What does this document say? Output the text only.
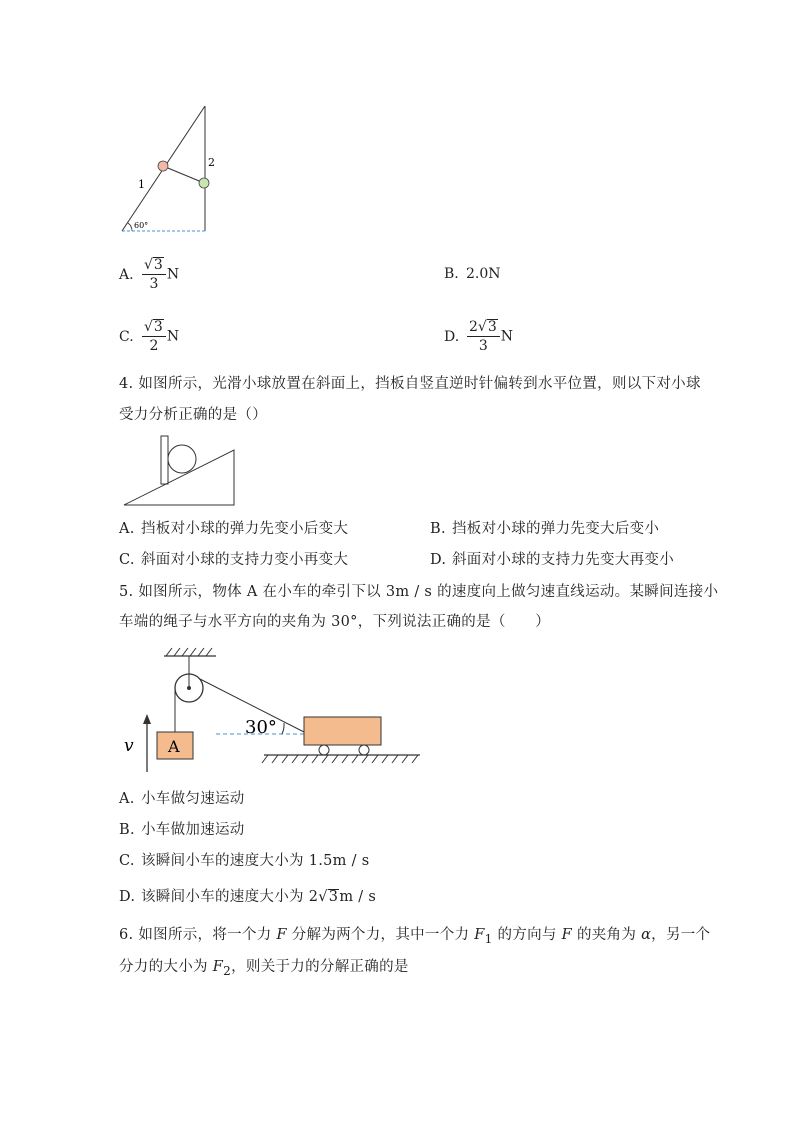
1
2
60°
A. $\frac{√3}{3}$ N	B. 2.0N
C. $\frac{√3}{2}$ N	D. $\frac{2√3}{3}$ N
4. 如图所示，光滑小球放置在斜面上，挡板自竖直逆时针偏转到水平位置，则以下对小球
受力分析正确的是（）
A. 挡板对小球的弹力先变小后变大	B. 挡板对小球的弹力先变大后变小
C. 斜面对小球的支持力变小再变大	D. 斜面对小球的支持力先变大再变小
5. 如图所示，物体 A 在小车的牵引下以 3m / s 的速度向上做匀速直线运动。某瞬间连接小
车端的绳子与水平方向的夹角为 30°，下列说法正确的是（　　）
30°
A
v
A. 小车做匀速运动
B. 小车做加速运动
C. 该瞬间小车的速度大小为 1.5m / s
D. 该瞬间小车的速度大小为 2√3m / s
6. 如图所示，将一个力 F 分解为两个力，其中一个力 $F_1$ 的方向与 F 的夹角为 α，另一个
分力的大小为 $F_2$，则关于力的分解正确的是
